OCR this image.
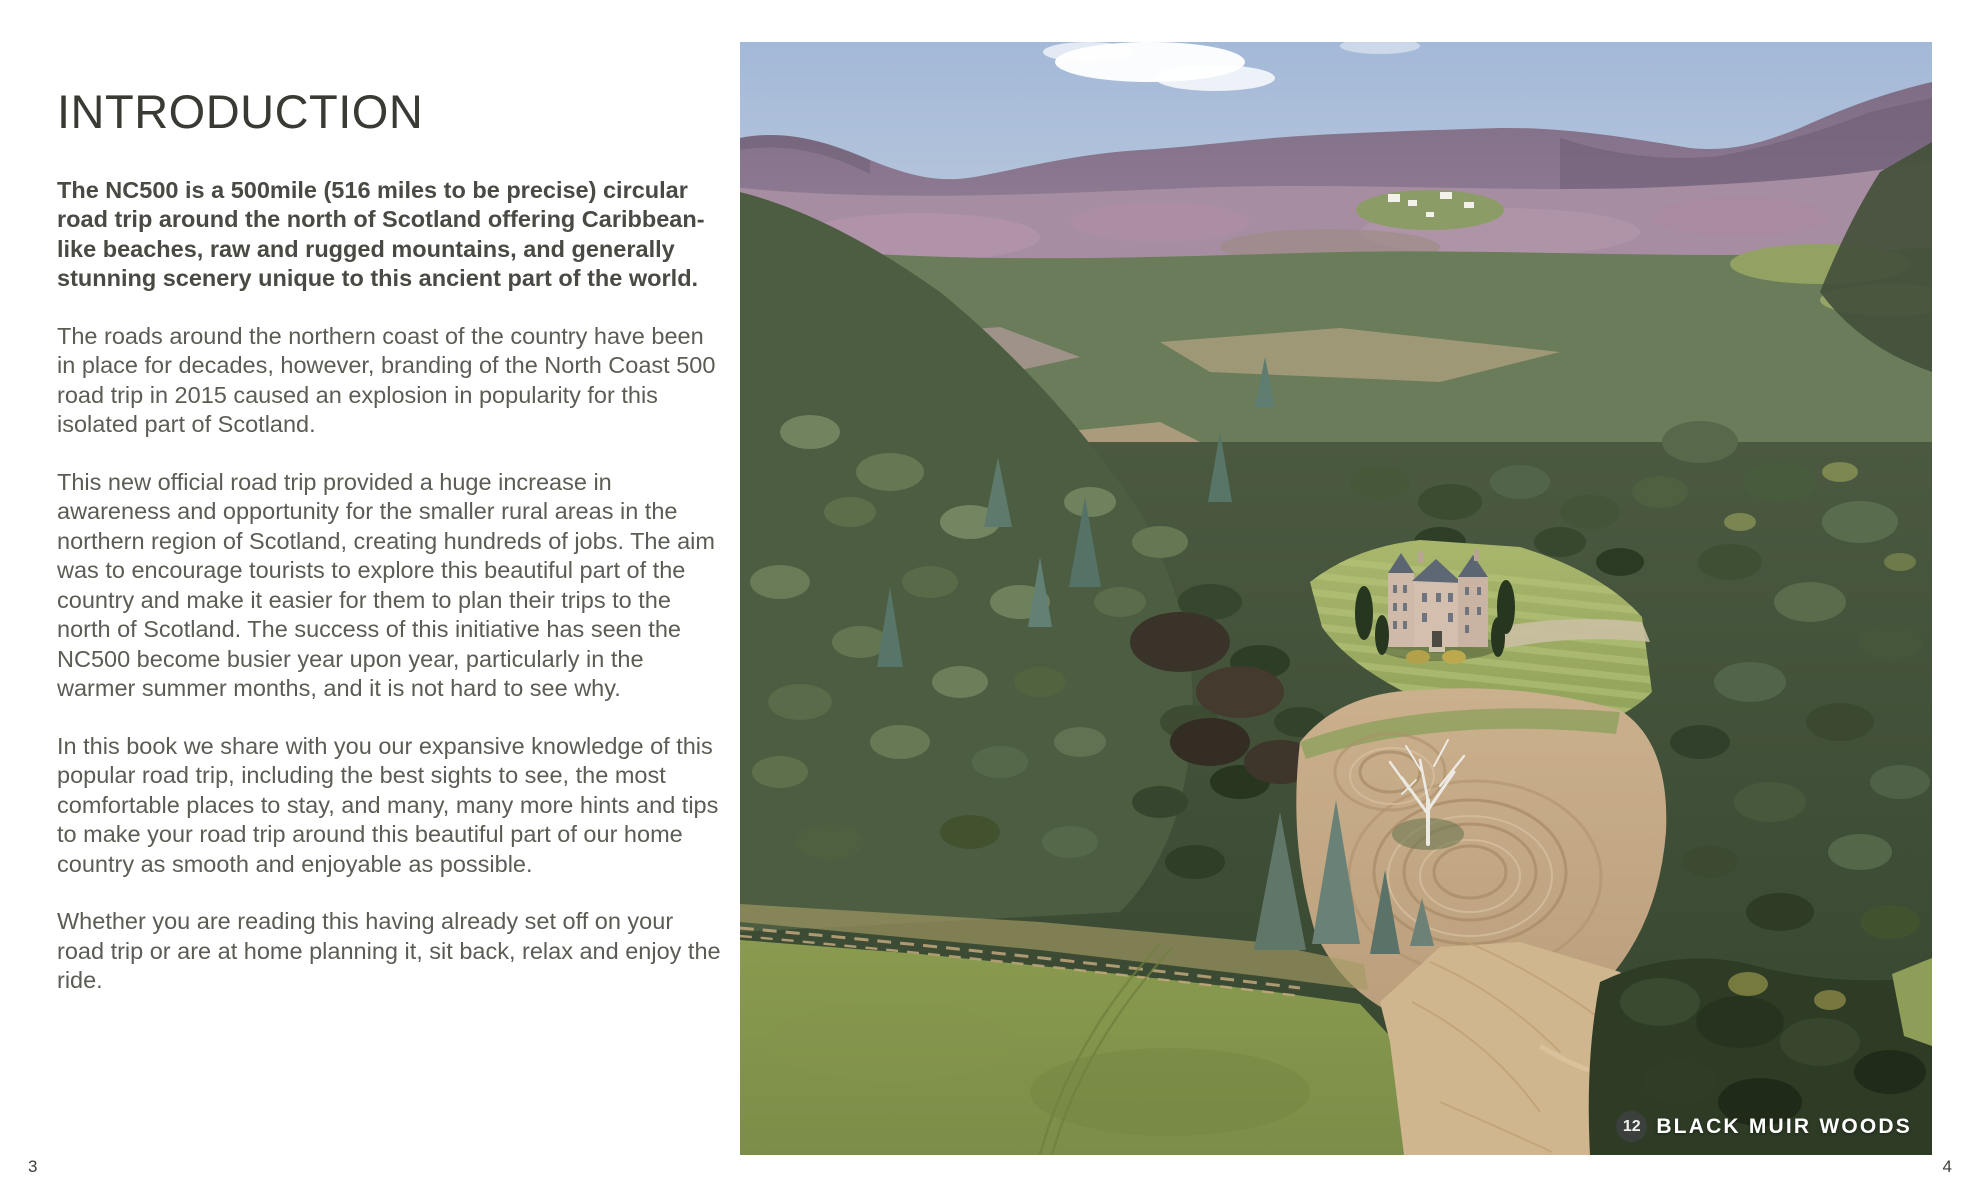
INTRODUCTION

The NC500 is a 500mile (516 miles to be precise) circular road trip around the north of Scotland offering Caribbean-like beaches, raw and rugged mountains, and generally stunning scenery unique to this ancient part of the world.

The roads around the northern coast of the country have been in place for decades, however, branding of the North Coast 500 road trip in 2015 caused an explosion in popularity for this isolated part of Scotland.

This new official road trip provided a huge increase in awareness and opportunity for the smaller rural areas in the northern region of Scotland, creating hundreds of jobs. The aim was to encourage tourists to explore this beautiful part of the country and make it easier for them to plan their trips to the north of Scotland. The success of this initiative has seen the NC500 become busier year upon year, particularly in the warmer summer months, and it is not hard to see why.

In this book we share with you our expansive knowledge of this popular road trip, including the best sights to see, the most comfortable places to stay, and many, many more hints and tips to make your road trip around this beautiful part of our home country as smooth and enjoyable as possible.

Whether you are reading this having already set off on your road trip or are at home planning it, sit back, relax and enjoy the ride.

12 BLACK MUIR WOODS
3	4
